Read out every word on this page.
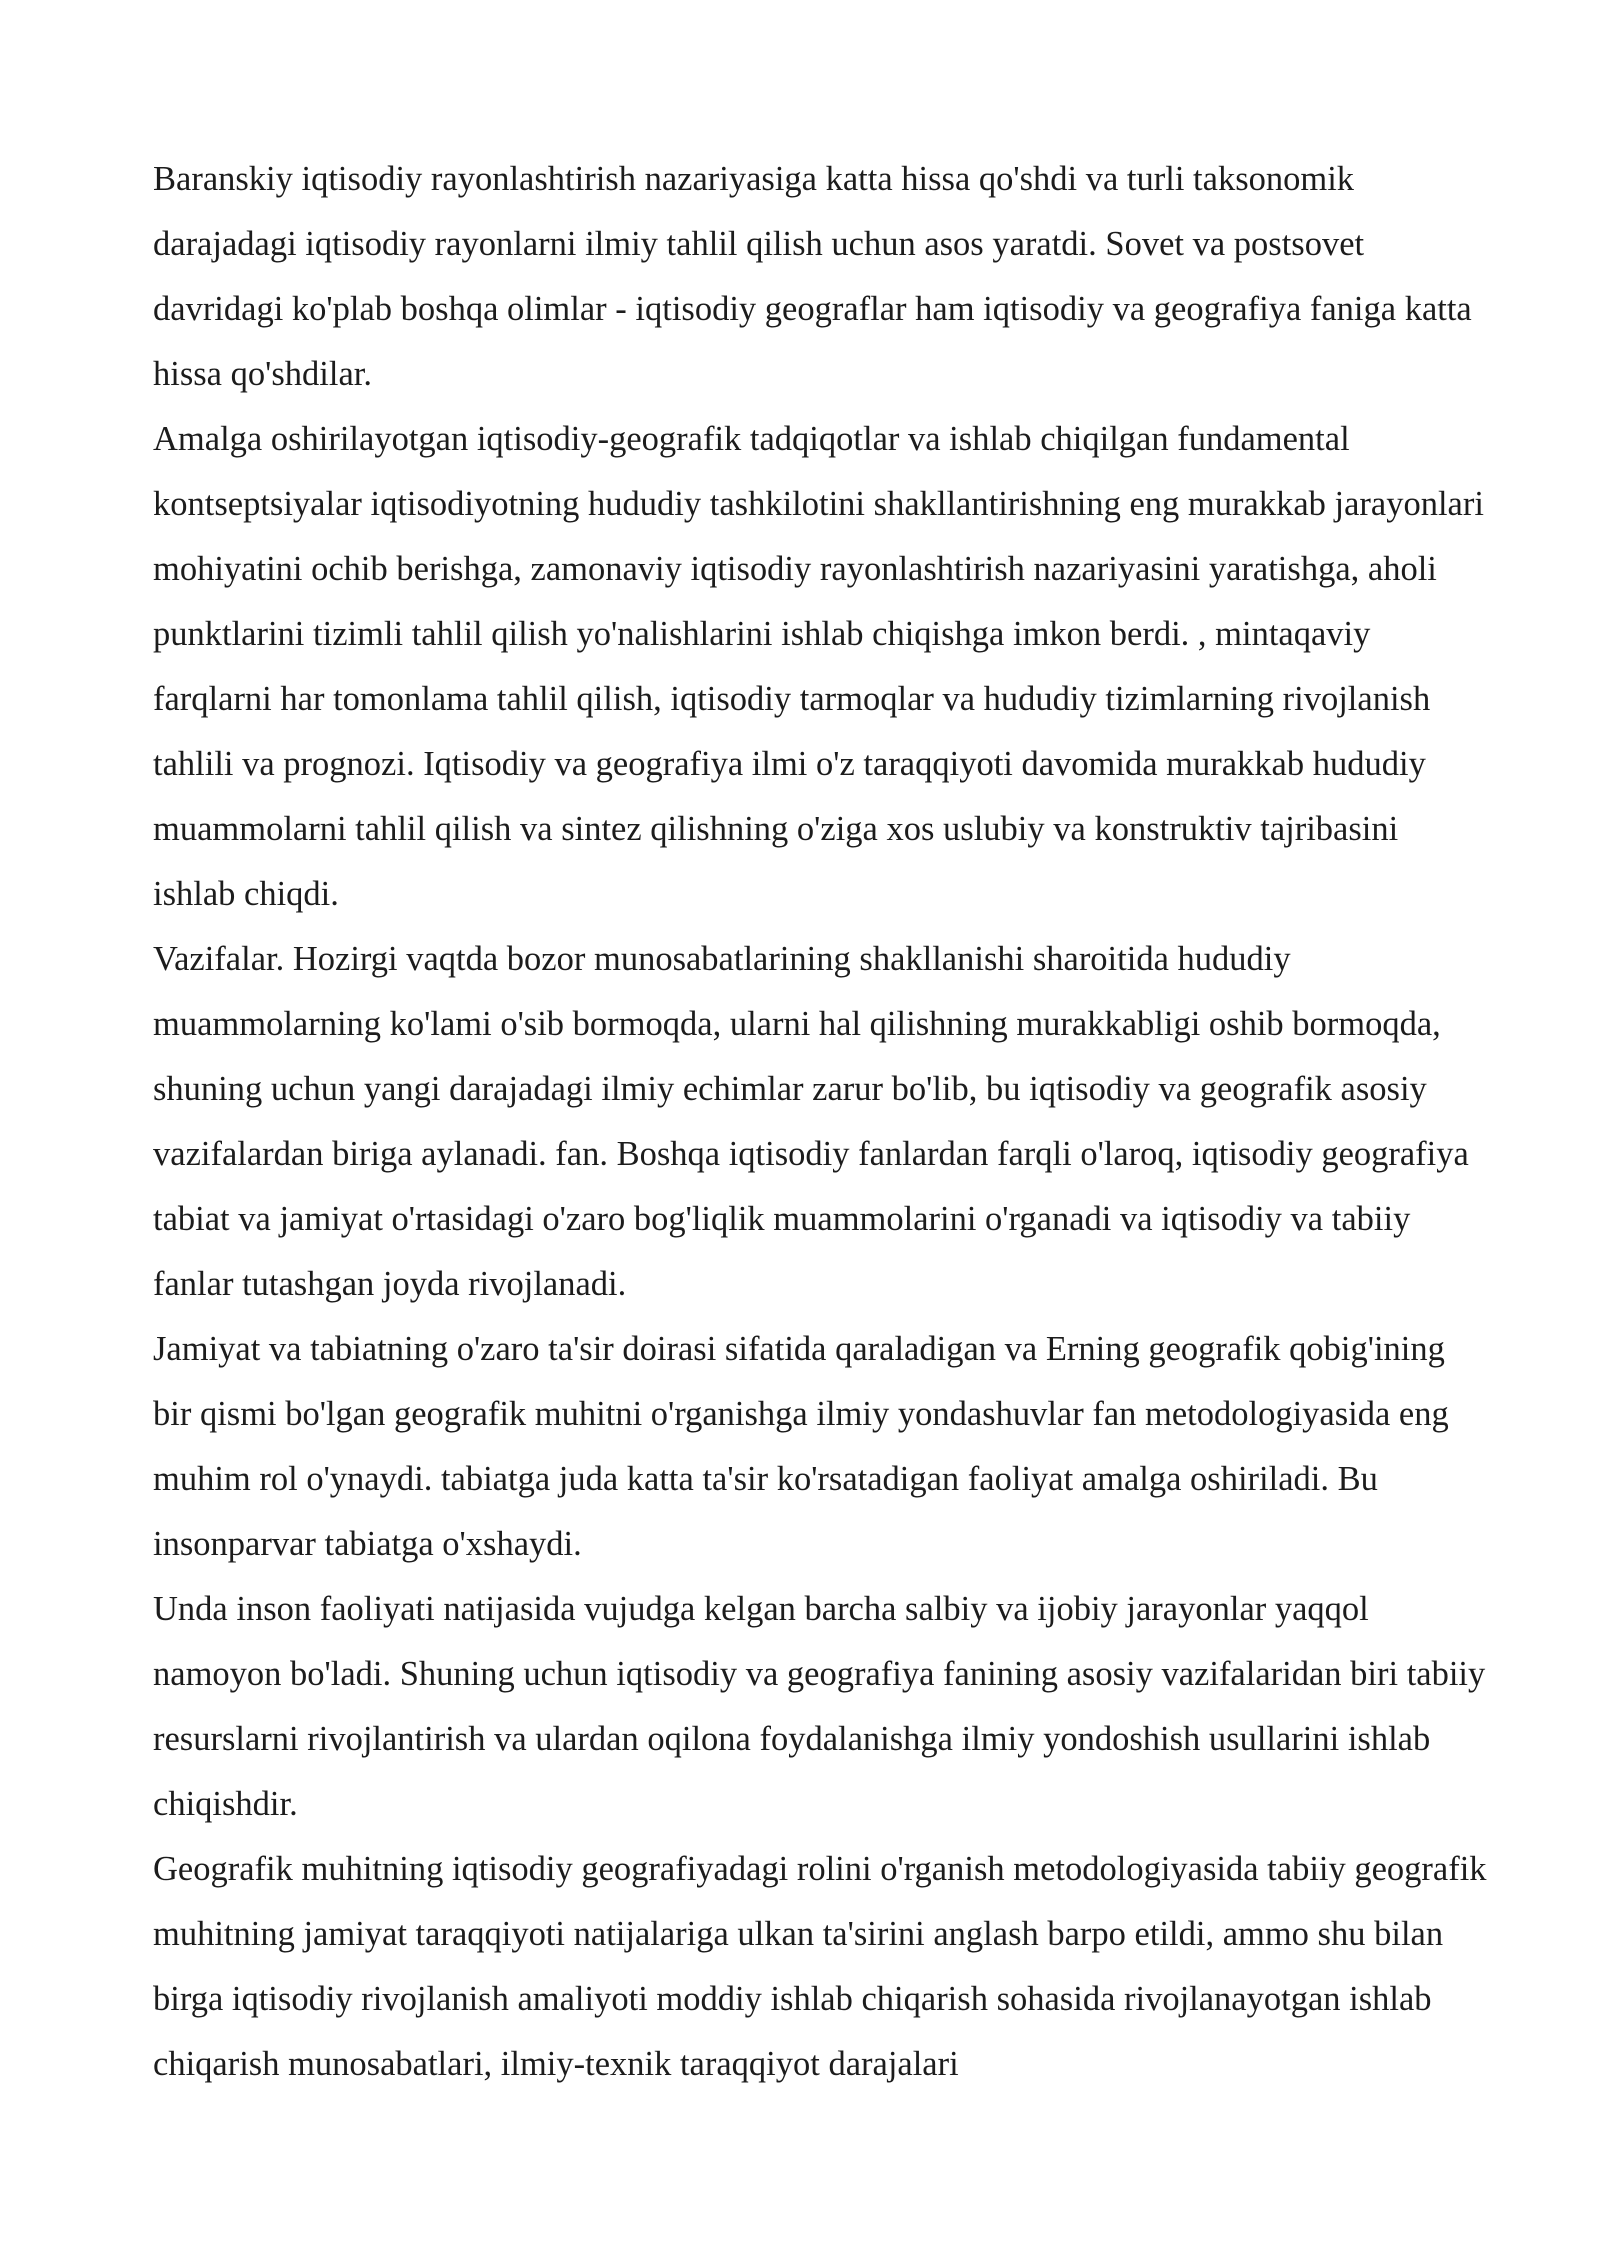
Baranskiy iqtisodiy rayonlashtirish nazariyasiga katta hissa qo'shdi va turli taksonomik darajadagi iqtisodiy rayonlarni ilmiy tahlil qilish uchun asos yaratdi. Sovet va postsovet davridagi ko'plab boshqa olimlar - iqtisodiy geograflar ham iqtisodiy va geografiya faniga katta hissa qo'shdilar.

Amalga oshirilayotgan iqtisodiy-geografik tadqiqotlar va ishlab chiqilgan fundamental kontseptsiyalar iqtisodiyotning hududiy tashkilotini shakllantirishning eng murakkab jarayonlari mohiyatini ochib berishga, zamonaviy iqtisodiy rayonlashtirish nazariyasini yaratishga, aholi punktlarini tizimli tahlil qilish yo'nalishlarini ishlab chiqishga imkon berdi. , mintaqaviy farqlarni har tomonlama tahlil qilish, iqtisodiy tarmoqlar va hududiy tizimlarning rivojlanish tahlili va prognozi. Iqtisodiy va geografiya ilmi o'z taraqqiyoti davomida murakkab hududiy muammolarni tahlil qilish va sintez qilishning o'ziga xos uslubiy va konstruktiv tajribasini ishlab chiqdi.

Vazifalar. Hozirgi vaqtda bozor munosabatlarining shakllanishi sharoitida hududiy muammolarning ko'lami o'sib bormoqda, ularni hal qilishning murakkabligi oshib bormoqda, shuning uchun yangi darajadagi ilmiy echimlar zarur bo'lib, bu iqtisodiy va geografik asosiy vazifalardan biriga aylanadi. fan. Boshqa iqtisodiy fanlardan farqli o'laroq, iqtisodiy geografiya tabiat va jamiyat o'rtasidagi o'zaro bog'liqlik muammolarini o'rganadi va iqtisodiy va tabiiy fanlar tutashgan joyda rivojlanadi.

Jamiyat va tabiatning o'zaro ta'sir doirasi sifatida qaraladigan va Erning geografik qobig'ining bir qismi bo'lgan geografik muhitni o'rganishga ilmiy yondashuvlar fan metodologiyasida eng muhim rol o'ynaydi. tabiatga juda katta ta'sir ko'rsatadigan faoliyat amalga oshiriladi. Bu insonparvar tabiatga o'xshaydi.

Unda inson faoliyati natijasida vujudga kelgan barcha salbiy va ijobiy jarayonlar yaqqol namoyon bo'ladi. Shuning uchun iqtisodiy va geografiya fanining asosiy vazifalaridan biri tabiiy resurslarni rivojlantirish va ulardan oqilona foydalanishga ilmiy yondoshish usullarini ishlab chiqishdir.

Geografik muhitning iqtisodiy geografiyadagi rolini o'rganish metodologiyasida tabiiy geografik muhitning jamiyat taraqqiyoti natijalariga ulkan ta'sirini anglash barpo etildi, ammo shu bilan birga iqtisodiy rivojlanish amaliyoti moddiy ishlab chiqarish sohasida rivojlanayotgan ishlab chiqarish munosabatlari, ilmiy-texnik taraqqiyot darajalari
